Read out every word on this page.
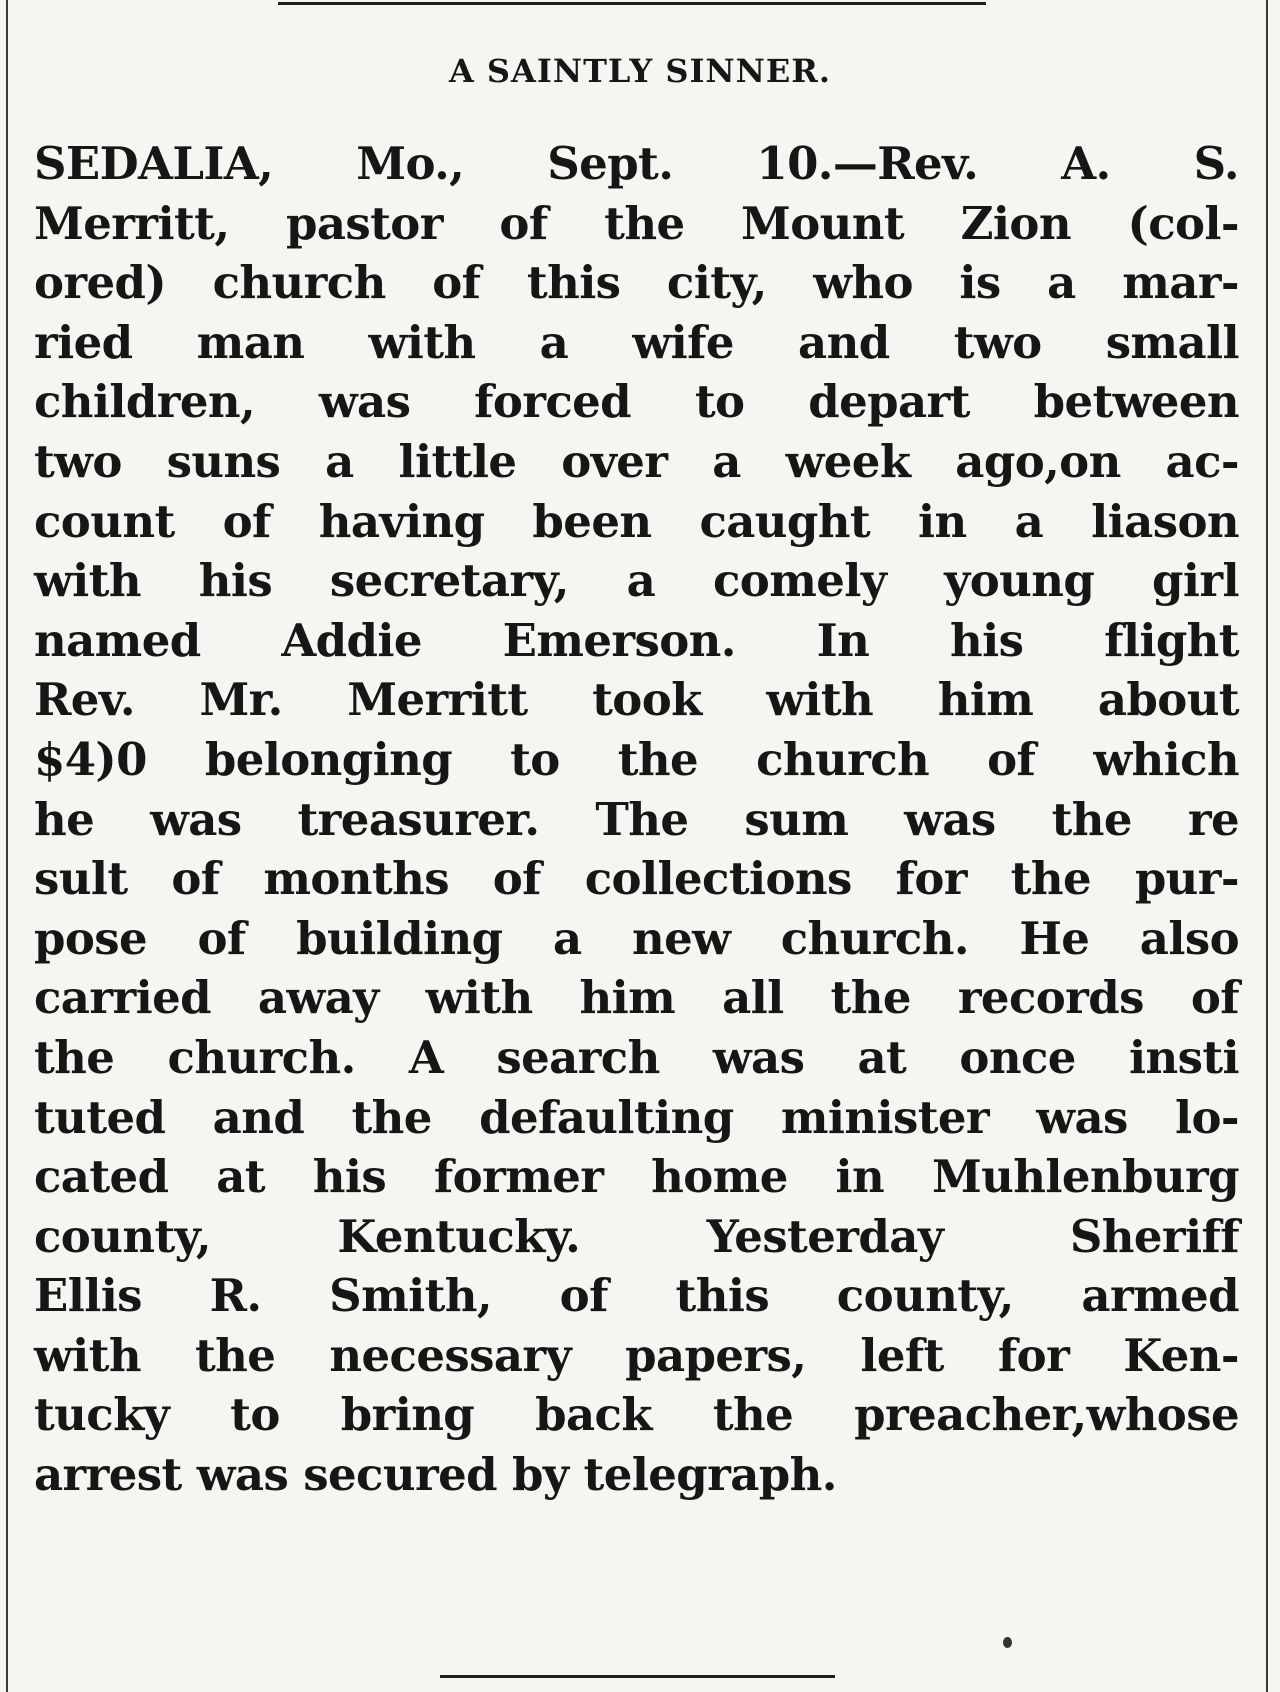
A SAINTLY SINNER.
SEDALIA, Mo., Sept. 10.—Rev. A. S.
Merritt, pastor of the Mount Zion (col-
ored) church of this city, who is a mar-
ried man with a wife and two small
children, was forced to depart between
two suns a little over a week ago,on ac-
count of having been caught in a liason
with his secretary, a comely young girl
named Addie Emerson. In his flight
Rev. Mr. Merritt took with him about
$4)0 belonging to the church of which
he was treasurer. The sum was the re
sult of months of collections for the pur-
pose of building a new church. He also
carried away with him all the records of
the church. A search was at once insti
tuted and the defaulting minister was lo-
cated at his former home in Muhlenburg
county, Kentucky. Yesterday Sheriff
Ellis R. Smith, of this county, armed
with the necessary papers, left for Ken-
tucky to bring back the preacher,whose
arrest was secured by telegraph.
